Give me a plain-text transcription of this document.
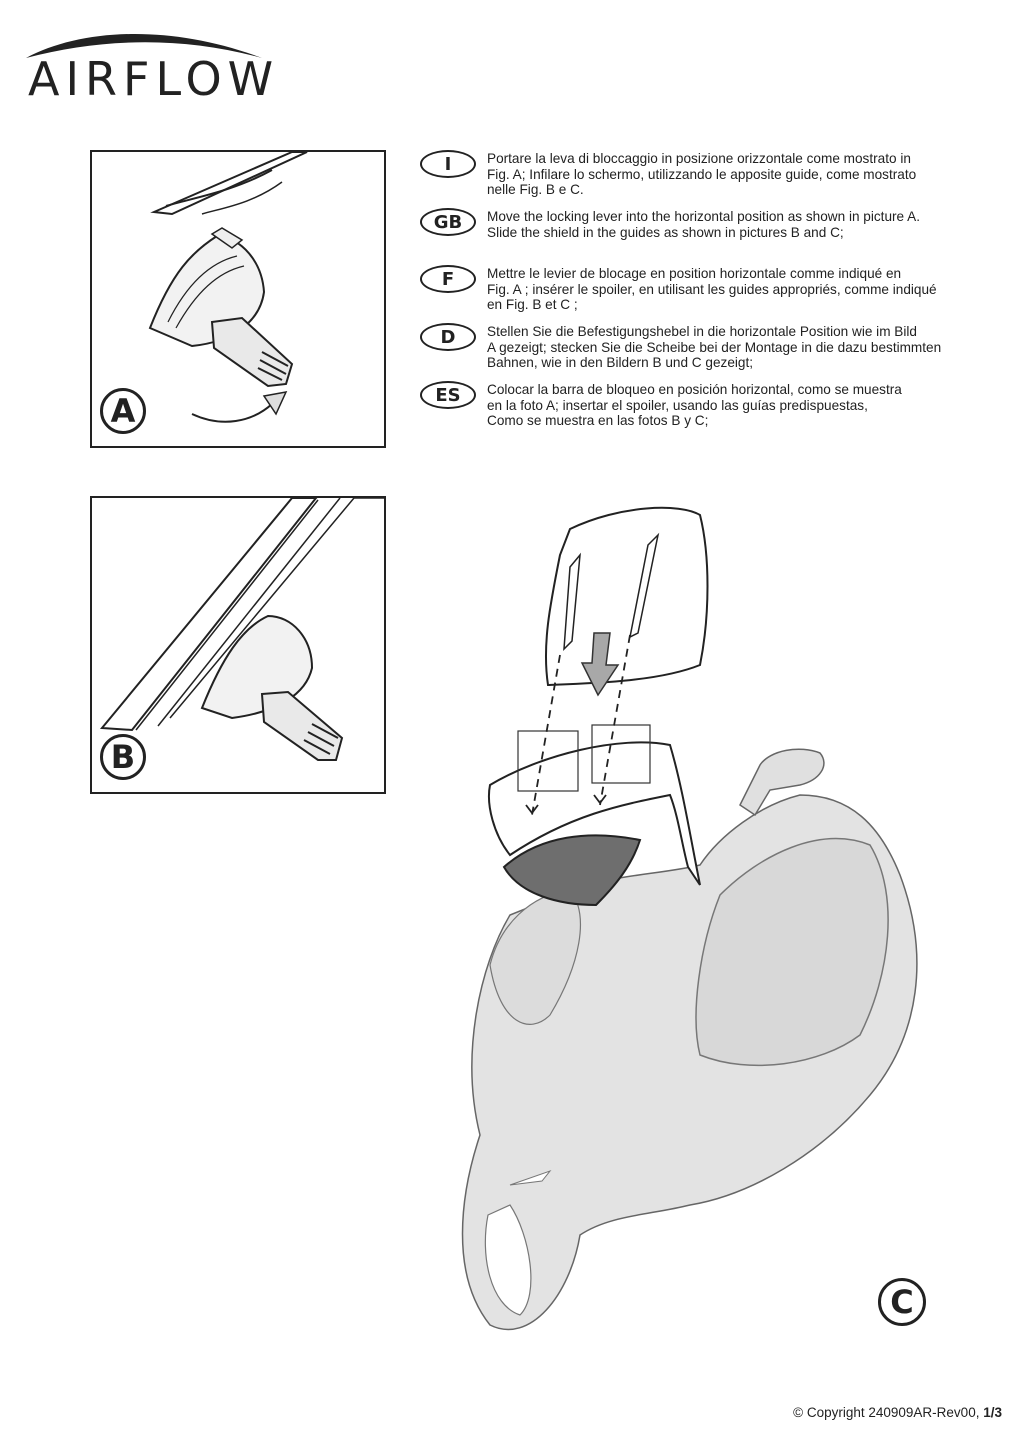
AIRFLOW
A
B
I	Portare la leva di bloccaggio in posizione orizzontale come mostrato in
Fig. A; Infilare lo schermo, utilizzando le apposite guide, come mostrato
nelle Fig. B e C.
GB	Move the locking lever into the horizontal position as shown in picture A.
Slide the shield in the guides as shown in pictures B and C;
F	Mettre le levier de blocage en position horizontale comme indiqué en
Fig. A ; insérer le spoiler, en utilisant les guides appropriés, comme indiqué
en Fig. B et C ;
D	Stellen Sie die Befestigungshebel in die horizontale Position wie im Bild
A gezeigt; stecken Sie die Scheibe bei der Montage in die dazu bestimmten
Bahnen, wie in den Bildern B und C gezeigt;
ES	Colocar la barra de bloqueo en posición horizontal, como se muestra
en la foto A; insertar el spoiler, usando las guías predispuestas,
Como se muestra en las fotos B y C;
C
© Copyright 240909AR-Rev00, 1/3
